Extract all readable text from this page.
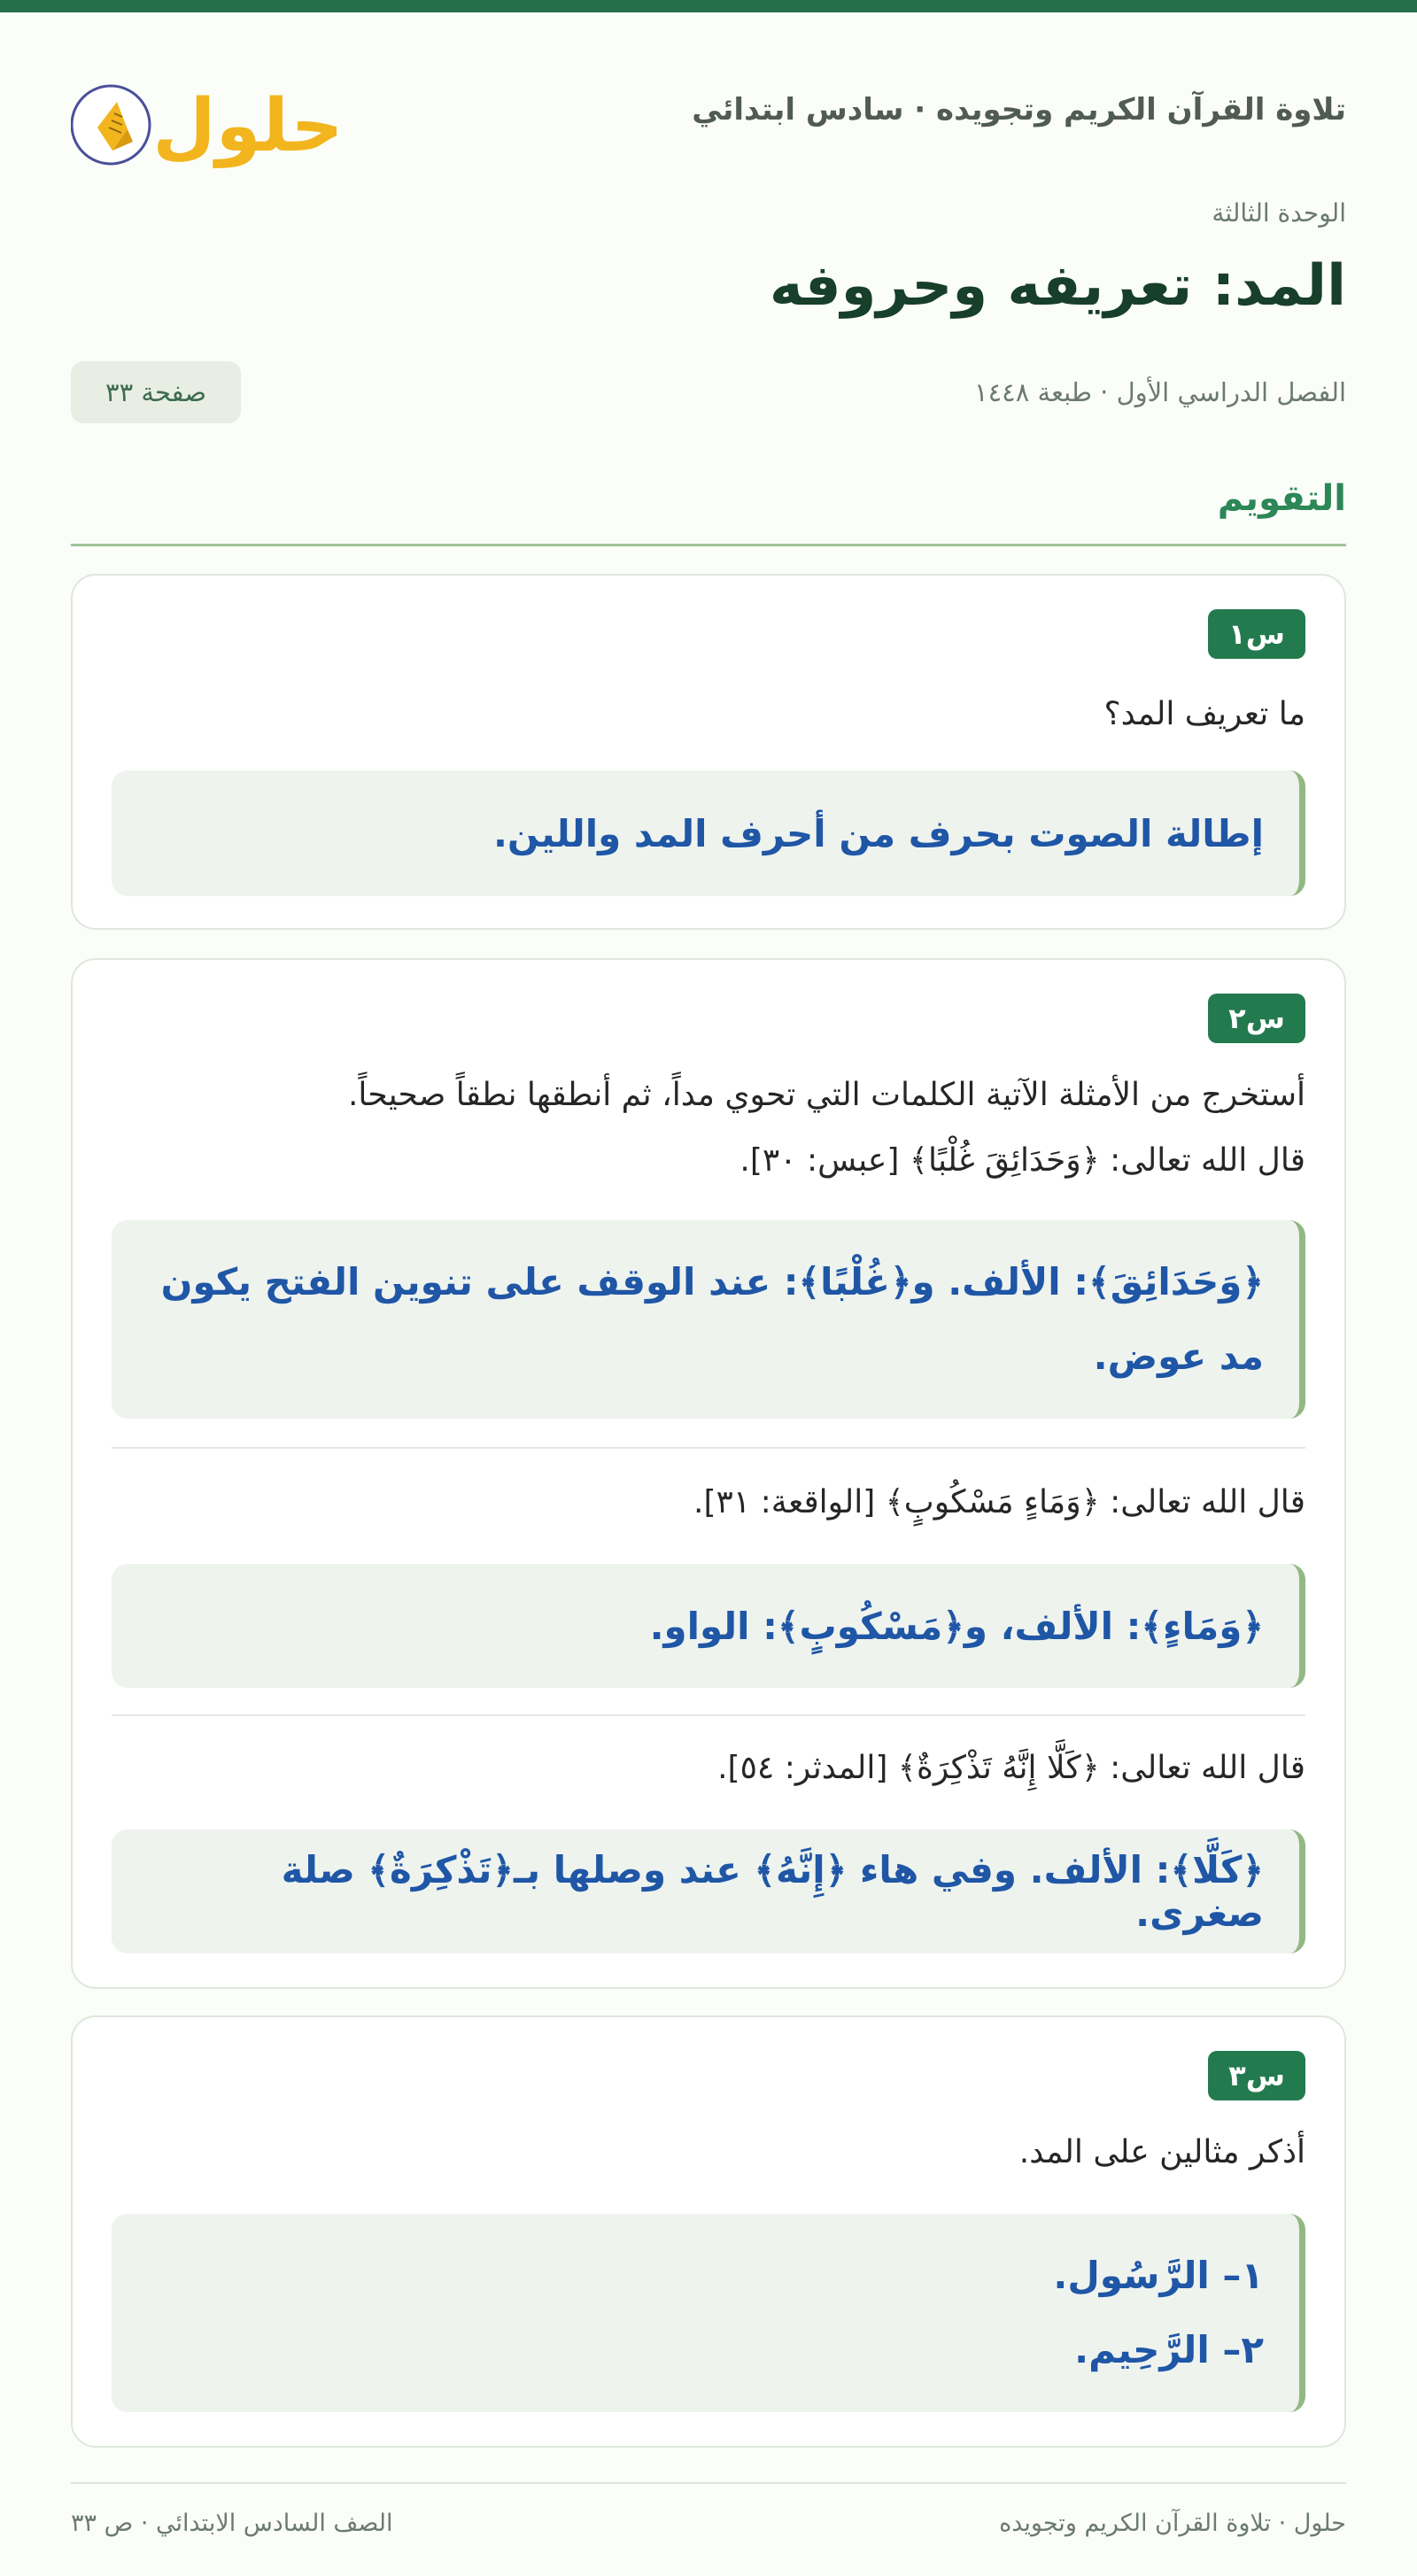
تلاوة القرآن الكريم وتجويده · سادس ابتدائي
حلول
الوحدة الثالثة
المد: تعريفه وحروفه
الفصل الدراسي الأول · طبعة ١٤٤٨
صفحة ٣٣
التقويم
س١
ما تعريف المد؟
إطالة الصوت بحرف من أحرف المد واللين.
س٢
أستخرج من الأمثلة الآتية الكلمات التي تحوي مداً، ثم أنطقها نطقاً صحيحاً.
قال الله تعالى: ﴿وَحَدَائِقَ غُلْبًا﴾ [عبس: ٣٠].
﴿وَحَدَائِقَ﴾: الألف. و﴿غُلْبًا﴾: عند الوقف على تنوين الفتح يكون
مد عوض.
قال الله تعالى: ﴿وَمَاءٍ مَسْكُوبٍ﴾ [الواقعة: ٣١].
﴿وَمَاءٍ﴾: الألف، و﴿مَسْكُوبٍ﴾: الواو.
قال الله تعالى: ﴿كَلَّا إِنَّهُ تَذْكِرَةٌ﴾ [المدثر: ٥٤].
﴿كَلَّا﴾: الألف. وفي هاء ﴿إِنَّهُ﴾ عند وصلها بـ﴿تَذْكِرَةٌ﴾ صلة صغرى.
س٣
أذكر مثالين على المد.
١– الرَّسُول.
٢– الرَّحِيم.
حلول · تلاوة القرآن الكريم وتجويده
الصف السادس الابتدائي · ص ٣٣
